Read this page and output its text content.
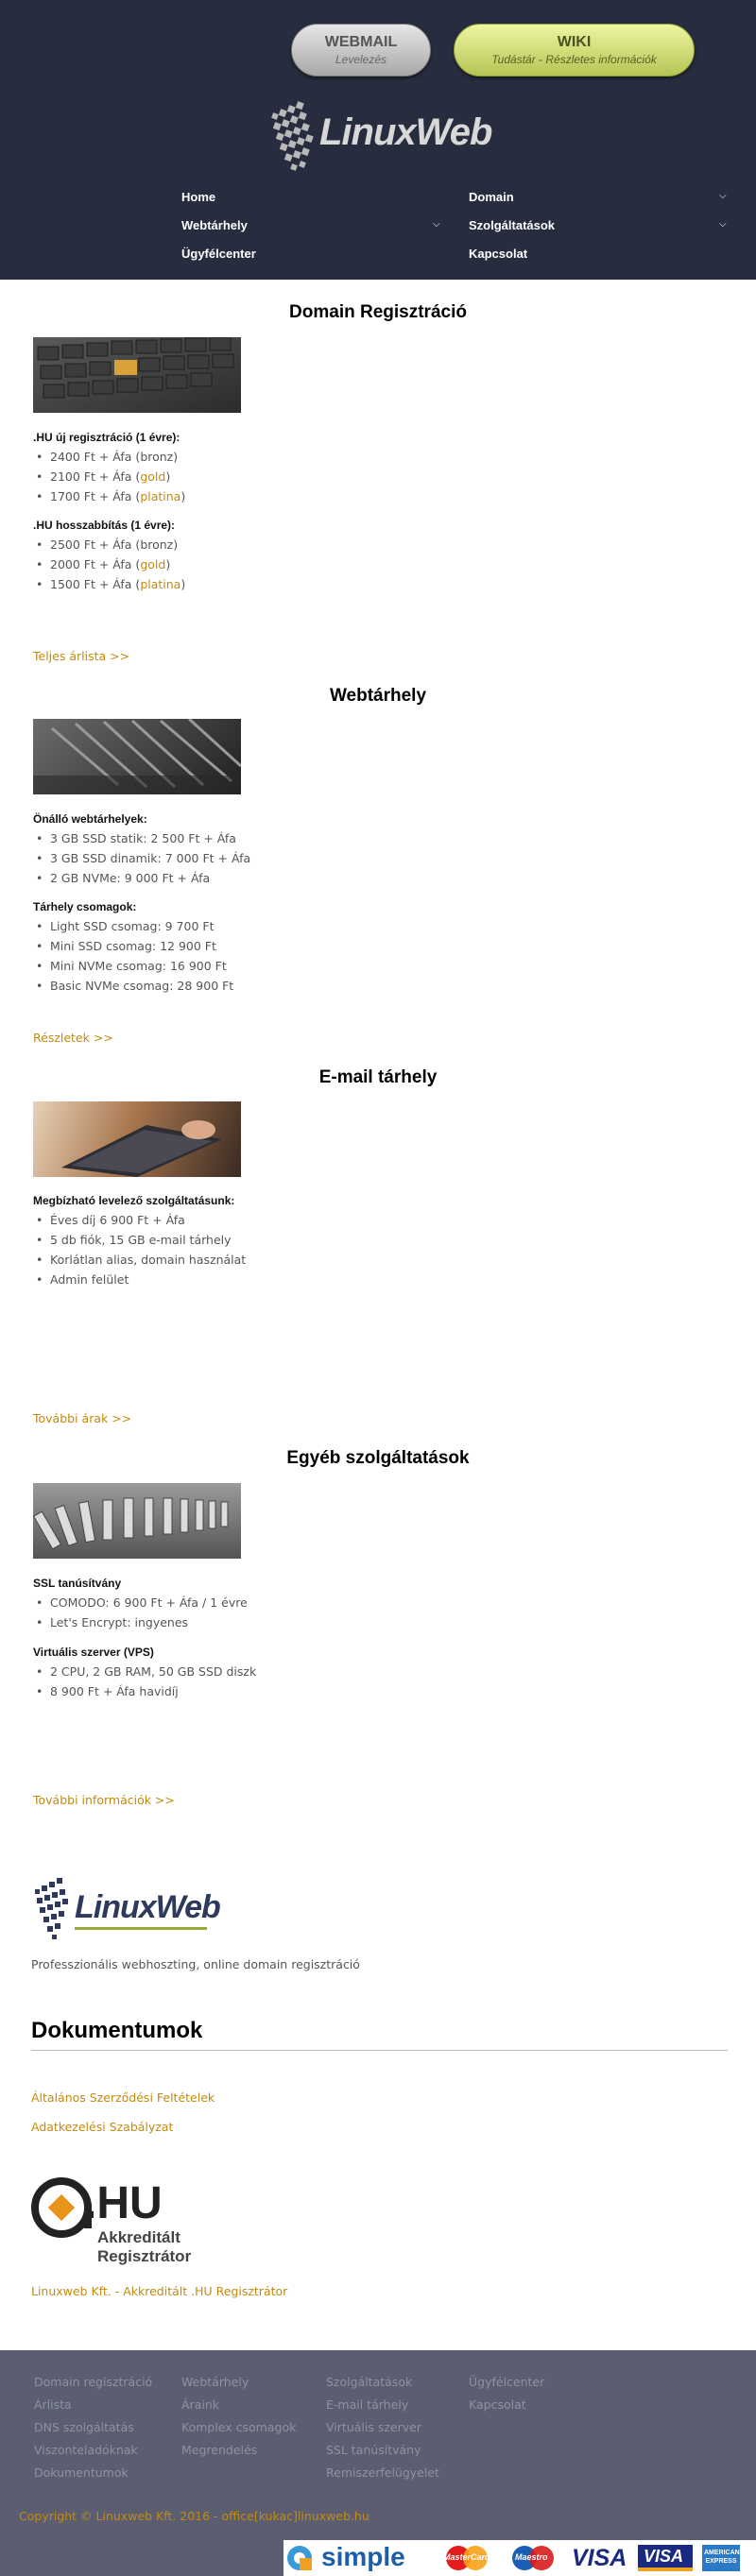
WEBMAIL
Levelezés
WIKI
Tudástár - Részletes információk
LinuxWeb
Home	Domain	⌵
Webtárhely	⌵ Szolgáltatások	⌵
Ügyfélcenter	Kapcsolat
Domain Regisztráció
.HU új regisztráció (1 évre):
• 2400 Ft + Áfa (bronz)
• 2100 Ft + Áfa (gold)
• 1700 Ft + Áfa (platina)
.HU hosszabbítás (1 évre):
• 2500 Ft + Áfa (bronz)
• 2000 Ft + Áfa (gold)
• 1500 Ft + Áfa (platina)
Teljes árlista >>
Webtárhely
Önálló webtárhelyek:
• 3 GB SSD statik: 2 500 Ft + Áfa
• 3 GB SSD dinamik: 7 000 Ft + Áfa
• 2 GB NVMe: 9 000 Ft + Áfa
Tárhely csomagok:
• Light SSD csomag: 9 700 Ft
• Mini SSD csomag: 12 900 Ft
• Mini NVMe csomag: 16 900 Ft
• Basic NVMe csomag: 28 900 Ft
Részletek >>
E-mail tárhely
Megbízható levelező szolgáltatásunk:
• Éves díj 6 900 Ft + Áfa
• 5 db fiók, 15 GB e-mail tárhely
• Korlátlan alias, domain használat
• Admin felület
További árak >>
Egyéb szolgáltatások
SSL tanúsítvány
• COMODO: 6 900 Ft + Áfa / 1 évre
• Let's Encrypt: ingyenes
Virtuális szerver (VPS)
• 2 CPU, 2 GB RAM, 50 GB SSD diszk
• 8 900 Ft + Áfa havidíj
További információk >>
LinuxWeb
Professzionális webhoszting, online domain regisztráció
Dokumentumok
Általános Szerződési Feltételek
Adatkezelési Szabályzat
.HU
Akkreditált
Regisztrátor
Linuxweb Kft. - Akkreditált .HU Regisztrátor
Domain regisztráció
Árlista
DNS szolgáltatás
Viszonteladóknak
Dokumentumok
Webtárhely
Áraink
Komplex csomagok
Megrendelés
Szolgáltatások
E-mail tárhely
Virtuális szerver
SSL tanúsítvány
Remiszerfelügyelet
Ügyfélcenter
Kapcsolat
Copyright © Linuxweb Kft. 2016 - office[kukac]linuxweb.hu
simple	MasterCard	Maestro VISA VISA	AMERICAN EXPRESS
